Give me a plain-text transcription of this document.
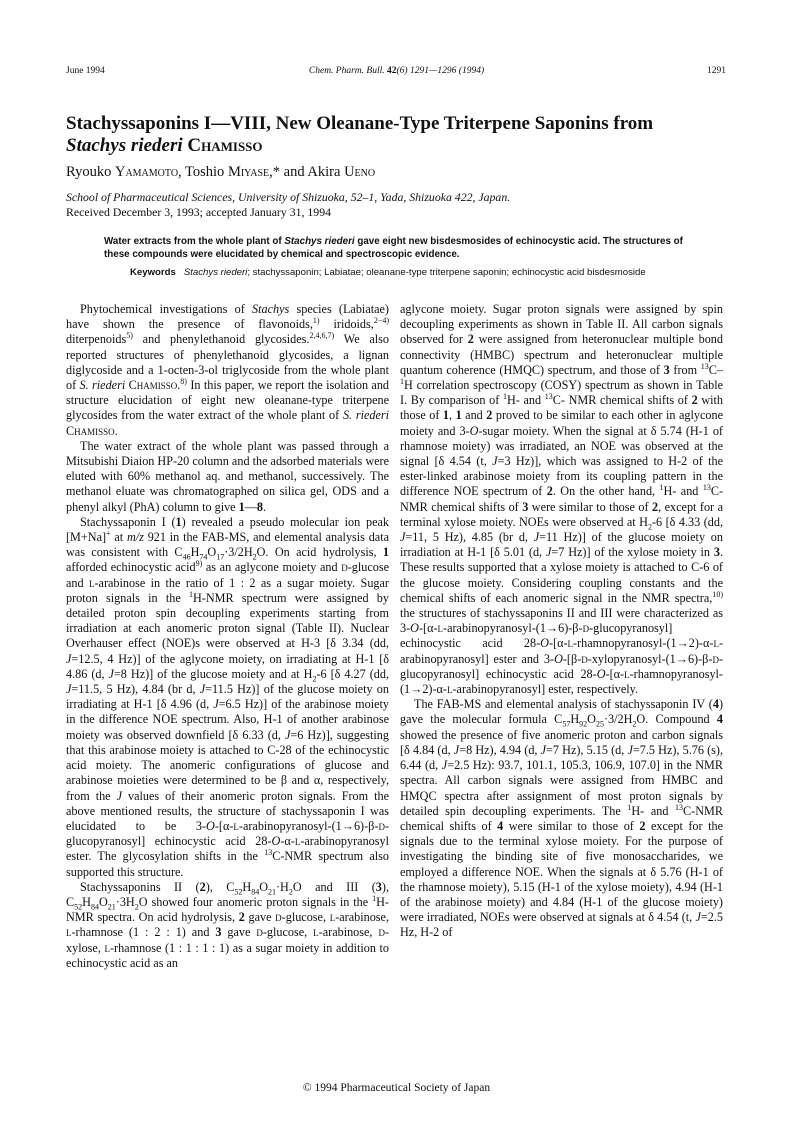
June 1994	Chem. Pharm. Bull. 42(6) 1291—1296 (1994)	1291
Stachyssaponins I—VIII, New Oleanane-Type Triterpene Saponins from
Stachys riederi Chamisso
Ryouko Yamamoto, Toshio Miyase,* and Akira Ueno
School of Pharmaceutical Sciences, University of Shizuoka, 52–1, Yada, Shizuoka 422, Japan.
Received December 3, 1993; accepted January 31, 1994
Water extracts from the whole plant of Stachys riederi gave eight new bisdesmosides of echinocystic acid. The structures of these compounds were elucidated by chemical and spectroscopic evidence.
Keywords Stachys riederi; stachyssaponin; Labiatae; oleanane-type triterpene saponin; echinocystic acid bisdesmoside

Phytochemical investigations of Stachys species (Labiatae) have shown the presence of flavonoids,$^{1)}$ iridoids,$^{2-4)}$ diterpenoids$^{5)}$ and phenylethanoid glycosides.$^{2,4,6,7)}$ We also reported structures of phenylethanoid glycosides, a lignan diglycoside and a 1-octen-3-ol triglycoside from the whole plant of S. riederi Chamisso.$^{8)}$ In this paper, we report the isolation and structure elucidation of eight new oleanane-type triterpene glycosides from the water extract of the whole plant of S. riederi Chamisso.

The water extract of the whole plant was passed through a Mitsubishi Diaion HP-20 column and the adsorbed materials were eluted with 60% methanol aq. and methanol, successively. The methanol eluate was chromatographed on silica gel, ODS and a phenyl alkyl (PhA) column to give 1—8.

Stachyssaponin I (1) revealed a pseudo molecular ion peak [M+Na]+ at m/z 921 in the FAB-MS, and elemental analysis data was consistent with $C_{46}H_{74}O_{17}\cdot 3/2H_2O$. On acid hydrolysis, 1 afforded echinocystic acid$^{9)}$ as an aglycone moiety and d-glucose and l-arabinose in the ratio of 1 : 2 as a sugar moiety. Sugar proton signals in the $^1$H-NMR spectrum were assigned by detailed proton spin decoupling experiments starting from irradiation at each anomeric proton signal (Table II). Nuclear Overhauser effect (NOE)s were observed at H-3 [δ 3.34 (dd, J=12.5, 4 Hz)] of the aglycone moiety, on irradiating at H-1 [δ 4.86 (d, J=8 Hz)] of the glucose moiety and at $H_2-6$ [δ 4.27 (dd, J=11.5, 5 Hz), 4.84 (br d, J=11.5 Hz)] of the glucose moiety on irradiating at H-1 [δ 4.96 (d, J=6.5 Hz)] of the arabinose moiety in the difference NOE spectrum. Also, H-1 of another arabinose moiety was observed downfield [δ 6.33 (d, J=6 Hz)], suggesting that this arabinose moiety is attached to C-28 of the echinocystic acid moiety. The anomeric configurations of glucose and arabinose moieties were determined to be β and α, respectively, from the J values of their anomeric proton signals. From the above mentioned results, the structure of stachyssaponin I was elucidated to be 3-O-[α-l-arabinopyranosyl-(1→6)-β-d-glucopyranosyl] echinocystic acid 28-O-α-l-arabinopyranosyl ester. The glycosylation shifts in the $^{13}$C-NMR spectrum also supported this structure.

Stachyssaponins II (2), $C_{52}H_{84}O_{21}\cdot H_2O$ and III (3), $C_{52}H_{84}O_{21}\cdot 3H_2O$ showed four anomeric proton signals in the $^1$H-NMR spectra. On acid hydrolysis, 2 gave d-glucose, l-arabinose, l-rhamnose (1 : 2 : 1) and 3 gave d-glucose, l-arabinose, d-xylose, l-rhamnose (1 : 1 : 1 : 1) as a sugar moiety in addition to echinocystic acid as an

aglycone moiety. Sugar proton signals were assigned by spin decoupling experiments as shown in Table II. All carbon signals observed for 2 were assigned from heteronuclear multiple bond connectivity (HMBC) spectrum and heteronuclear multiple quantum coherence (HMQC) spectrum, and those of 3 from $^{13}$C–$^1$H correlation spectroscopy (COSY) spectrum as shown in Table I. By comparison of $^1$H- and $^{13}$C- NMR chemical shifts of 2 with those of 1, 1 and 2 proved to be similar to each other in aglycone moiety and 3-O-sugar moiety. When the signal at δ 5.74 (H-1 of rhamnose moiety) was irradiated, an NOE was observed at the signal [δ 4.54 (t, J=3 Hz)], which was assigned to H-2 of the ester-linked arabinose moiety from its coupling pattern in the difference NOE spectrum of 2. On the other hand, $^1$H- and $^{13}$C-NMR chemical shifts of 3 were similar to those of 2, except for a terminal xylose moiety. NOEs were observed at $H_2-6$ [δ 4.33 (dd, J=11, 5 Hz), 4.85 (br d, J=11 Hz)] of the glucose moiety on irradiation at H-1 [δ 5.01 (d, J=7 Hz)] of the xylose moiety in 3. These results supported that a xylose moiety is attached to C-6 of the glucose moiety. Considering coupling constants and the chemical shifts of each anomeric signal in the NMR spectra,$^{10)}$ the structures of stachyssaponins II and III were characterized as 3-O-[α-l-arabinopyranosyl-(1→6)-β-d-glucopyranosyl] echinocystic acid 28-O-[α-l-rhamnopyranosyl-(1→2)-α-l-arabinopyranosyl] ester and 3-O-[β-d-xylopyranosyl-(1→6)-β-d-glucopyranosyl] echinocystic acid 28-O-[α-l-rhamnopyranosyl-(1→2)-α-l-arabinopyranosyl] ester, respectively.

The FAB-MS and elemental analysis of stachyssaponin IV (4) gave the molecular formula $C_{57}H_{92}O_{25}\cdot 3/2H_2O$. Compound 4 showed the presence of five anomeric proton and carbon signals [δ 4.84 (d, J=8 Hz), 4.94 (d, J=7 Hz), 5.15 (d, J=7.5 Hz), 5.76 (s), 6.44 (d, J=2.5 Hz): 93.7, 101.1, 105.3, 106.9, 107.0] in the NMR spectra. All carbon signals were assigned from HMBC and HMQC spectra after assignment of most proton signals by detailed spin decoupling experiments. The $^1$H- and $^{13}$C-NMR chemical shifts of 4 were similar to those of 2 except for the signals due to the terminal xylose moiety. For the purpose of investigating the binding site of five monosaccharides, we employed a difference NOE. When the signals at δ 5.76 (H-1 of the rhamnose moiety), 5.15 (H-1 of the xylose moiety), 4.94 (H-1 of the arabinose moiety) and 4.84 (H-1 of the glucose moiety) were irradiated, NOEs were observed at signals at δ 4.54 (t, J=2.5 Hz, H-2 of

© 1994 Pharmaceutical Society of Japan
